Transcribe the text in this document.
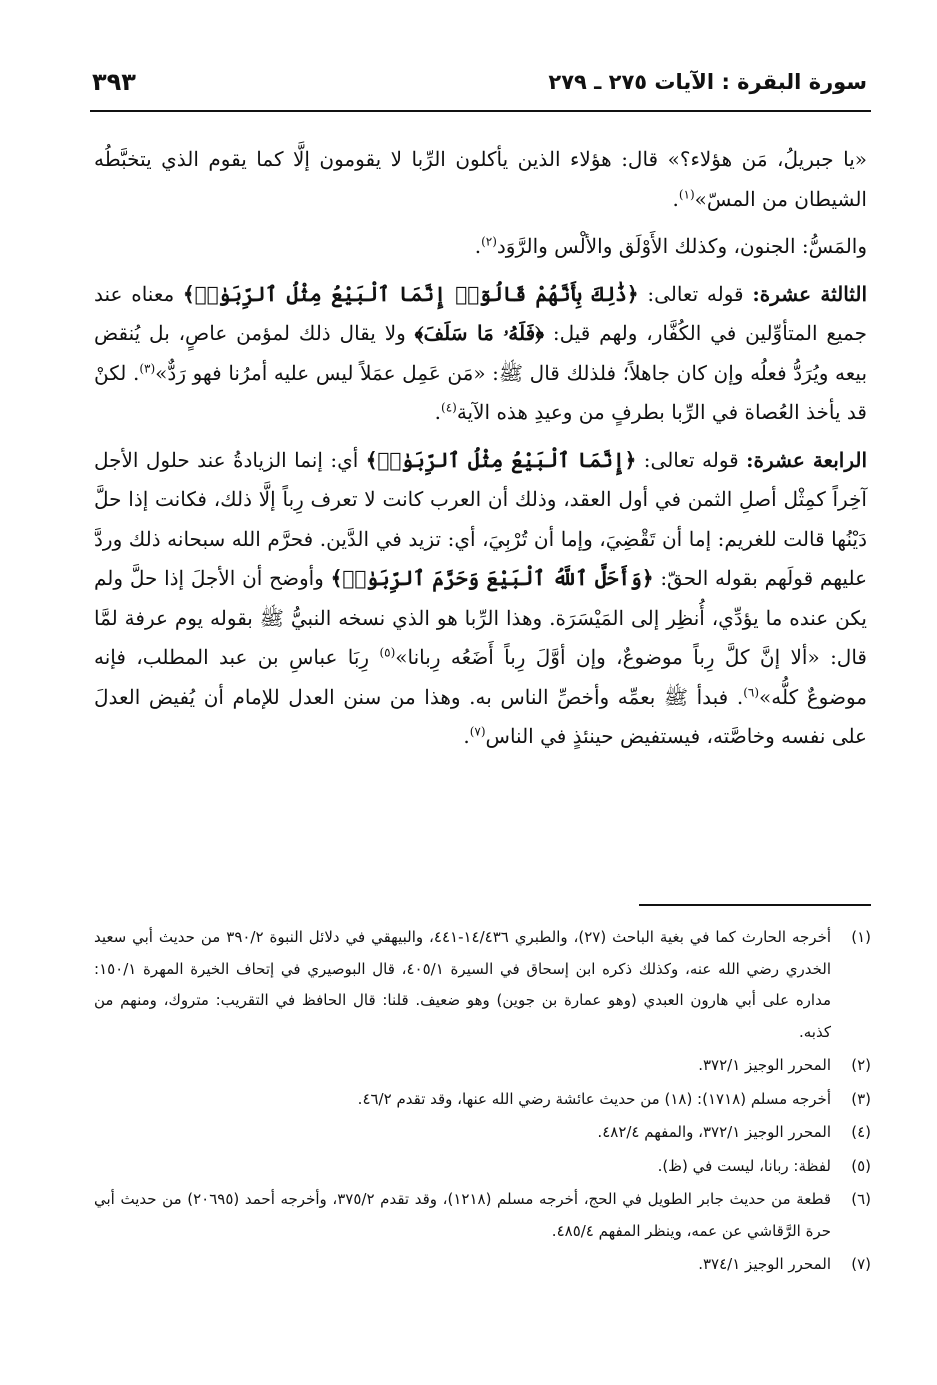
سورة البقرة : الآيات ٢٧٥ ـ ٢٧٩
٣٩٣

«يا جبريلُ، مَن هؤلاء؟» قال: هؤلاء الذين يأكلون الرِّبا لا يقومون إلَّا كما يقوم الذي يتخبَّطُه الشيطان من المسّ»$^{(١)}$.

والمَسُّ: الجنون، وكذلك الأَوْلَق والألْس والرَّوَد$^{(٢)}$.

الثالثة عشرة: قوله تعالى: ﴿ذَٰلِكَ بِأَنَّهُمْ قَالُوٓا۟ إِنَّمَا ٱلْبَيْعُ مِثْلُ ٱلرِّبَوٰا۟﴾ معناه عند جميع المتأوِّلين في الكُفَّار، ولهم قيل: ﴿فَلَهُۥ مَا سَلَفَ﴾ ولا يقال ذلك لمؤمن عاصٍ، بل يُنقض بيعه ويُرَدُّ فعلُه وإن كان جاهلاً؛ فلذلك قال ﷺ: «مَن عَمِل عمَلاً ليس عليه أمرُنا فهو رَدٌّ»$^{(٣)}$. لكنْ قد يأخذ العُصاة في الرِّبا بطرفٍ من وعيدِ هذه الآية$^{(٤)}$.

الرابعة عشرة: قوله تعالى: ﴿إِنَّمَا ٱلْبَيْعُ مِثْلُ ٱلرِّبَوٰا۟﴾ أي: إنما الزيادةُ عند حلول الأجل آخِراً كمِثْل أصلِ الثمن في أول العقد، وذلك أن العرب كانت لا تعرف رِباً إلَّا ذلك، فكانت إذا حلَّ دَيْنُها قالت للغريم: إما أن تَقْضِيَ، وإما أن تُرْبِيَ، أي: تزيد في الدَّين. فحرَّم الله سبحانه ذلك وردَّ عليهم قولَهم بقوله الحقّ: ﴿وَأَحَلَّ ٱللَّهُ ٱلْبَيْعَ وَحَرَّمَ ٱلرِّبَوٰا۟﴾ وأوضح أن الأجلَ إذا حلَّ ولم يكن عنده ما يؤدِّي، أُنظِر إلى المَيْسَرَة. وهذا الرِّبا هو الذي نسخه النبيُّ ﷺ بقوله يوم عرفة لمَّا قال: «ألا إنَّ كلَّ رِباً موضوعٌ، وإن أوَّلَ رِباً أَضَعُه رِبانا»$^{(٥)}$ رِبَا عباسِ بن عبد المطلب، فإنه موضوعٌ كلُّه»$^{(٦)}$. فبدأ ﷺ بعمِّه وأخصِّ الناس به. وهذا من سنن العدل للإمام أن يُفيض العدلَ على نفسه وخاصَّته، فيستفيض حينئذٍ في الناس$^{(٧)}$.

(١)
أخرجه الحارث كما في بغية الباحث (٢٧)، والطبري ١٤/٤٣٦-٤٤١، والبيهقي في دلائل النبوة ٣٩٠/٢ من حديث أبي سعيد الخدري رضي الله عنه، وكذلك ذكره ابن إسحاق في السيرة ٤٠٥/١، قال البوصيري في إتحاف الخيرة المهرة ١٥٠/١: مداره على أبي هارون العبدي (وهو عمارة بن جوين) وهو ضعيف. قلنا: قال الحافظ في التقريب: متروك، ومنهم من كذبه.
(٢)
المحرر الوجيز ٣٧٢/١.
(٣)
أخرجه مسلم (١٧١٨): (١٨) من حديث عائشة رضي الله عنها، وقد تقدم ٤٦/٢.
(٤)
المحرر الوجيز ٣٧٢/١، والمفهم ٤٨٢/٤.
(٥)
لفظة: ربانا، ليست في (ظ).
(٦)
قطعة من حديث جابر الطويل في الحج، أخرجه مسلم (١٢١٨)، وقد تقدم ٣٧٥/٢، وأخرجه أحمد (٢٠٦٩٥) من حديث أبي حرة الرَّقاشي عن عمه، وينظر المفهم ٤٨٥/٤.
(٧)
المحرر الوجيز ٣٧٤/١.
